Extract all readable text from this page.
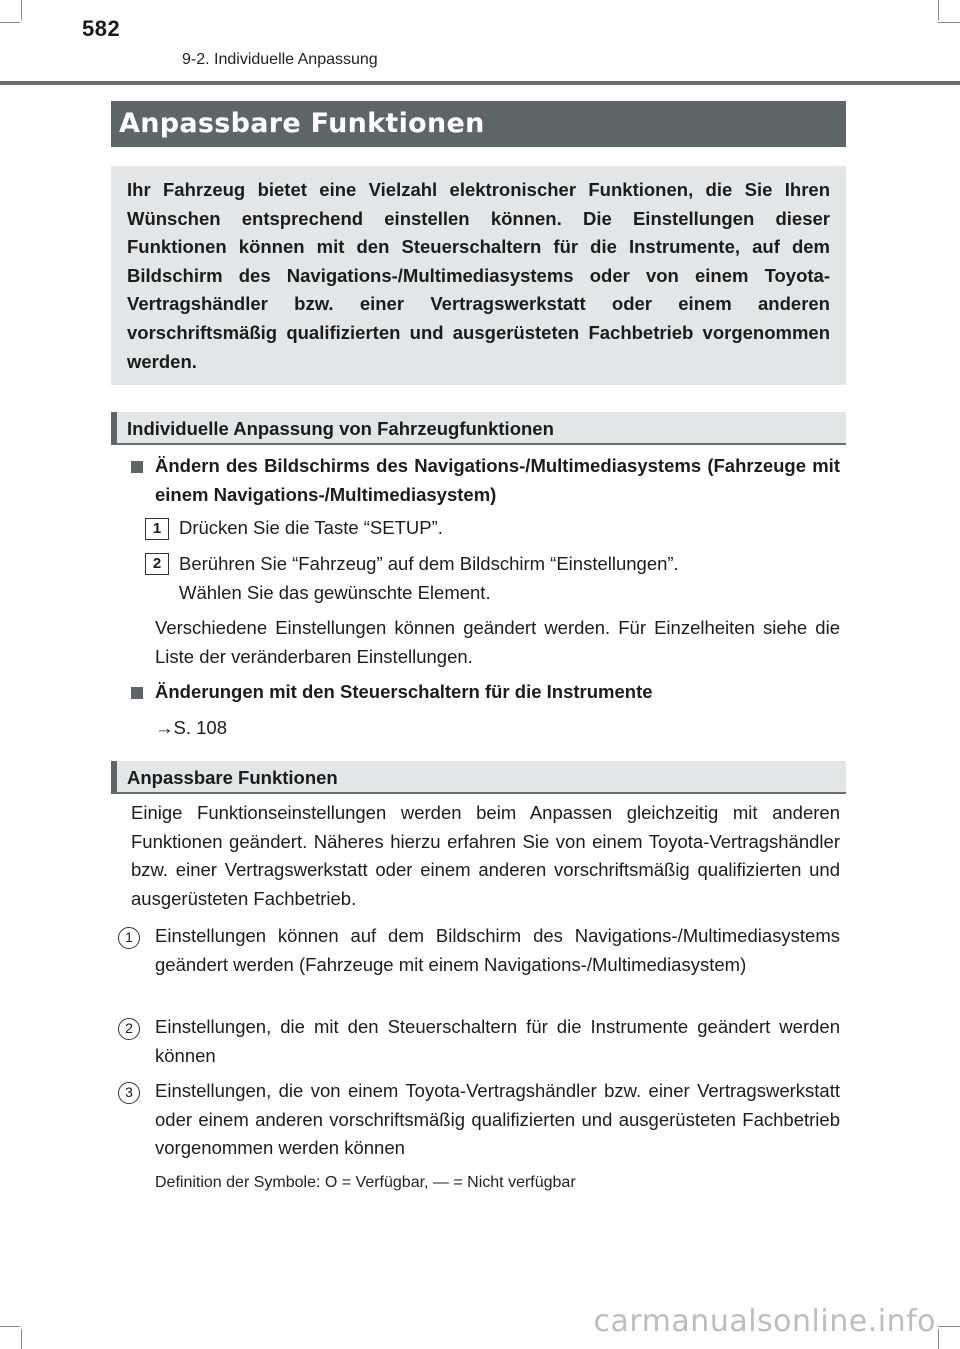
582
9-2. Individuelle Anpassung
Anpassbare Funktionen

Ihr Fahrzeug bietet eine Vielzahl elektronischer Funktionen, die Sie Ihren Wünschen entsprechend einstellen können. Die Einstellungen dieser Funktionen können mit den Steuerschaltern für die Instrumente, auf dem Bildschirm des Navigations-/Multimediasystems oder von einem Toyota-Vertragshändler bzw. einer Vertragswerkstatt oder einem anderen vorschriftsmäßig qualifizierten und ausgerüsteten Fachbetrieb vorgenommen werden.

Individuelle Anpassung von Fahrzeugfunktionen

Ändern des Bildschirms des Navigations-/Multimediasystems (Fahrzeuge mit einem Navigations-/Multimediasystem)

1 Drücken Sie die Taste “SETUP”.

2 Berühren Sie “Fahrzeug” auf dem Bildschirm “Einstellungen”.

Wählen Sie das gewünschte Element.

Verschiedene Einstellungen können geändert werden. Für Einzelheiten siehe die Liste der veränderbaren Einstellungen.

Änderungen mit den Steuerschaltern für die Instrumente

→S. 108

Anpassbare Funktionen

Einige Funktionseinstellungen werden beim Anpassen gleichzeitig mit anderen Funktionen geändert. Näheres hierzu erfahren Sie von einem Toyota-Vertragshändler bzw. einer Vertragswerkstatt oder einem anderen vorschriftsmäßig qualifizierten und ausgerüsteten Fachbetrieb.

1	Einstellungen können auf dem Bildschirm des Navigations-/Multimediasystems geändert werden (Fahrzeuge mit einem Navigations-/Multimediasystem)

2	Einstellungen, die mit den Steuerschaltern für die Instrumente geändert werden können

3	Einstellungen, die von einem Toyota-Vertragshändler bzw. einer Vertragswerkstatt oder einem anderen vorschriftsmäßig qualifizierten und ausgerüsteten Fachbetrieb vorgenommen werden können

Definition der Symbole: O = Verfügbar, — = Nicht verfügbar
carmanualsonline.info
